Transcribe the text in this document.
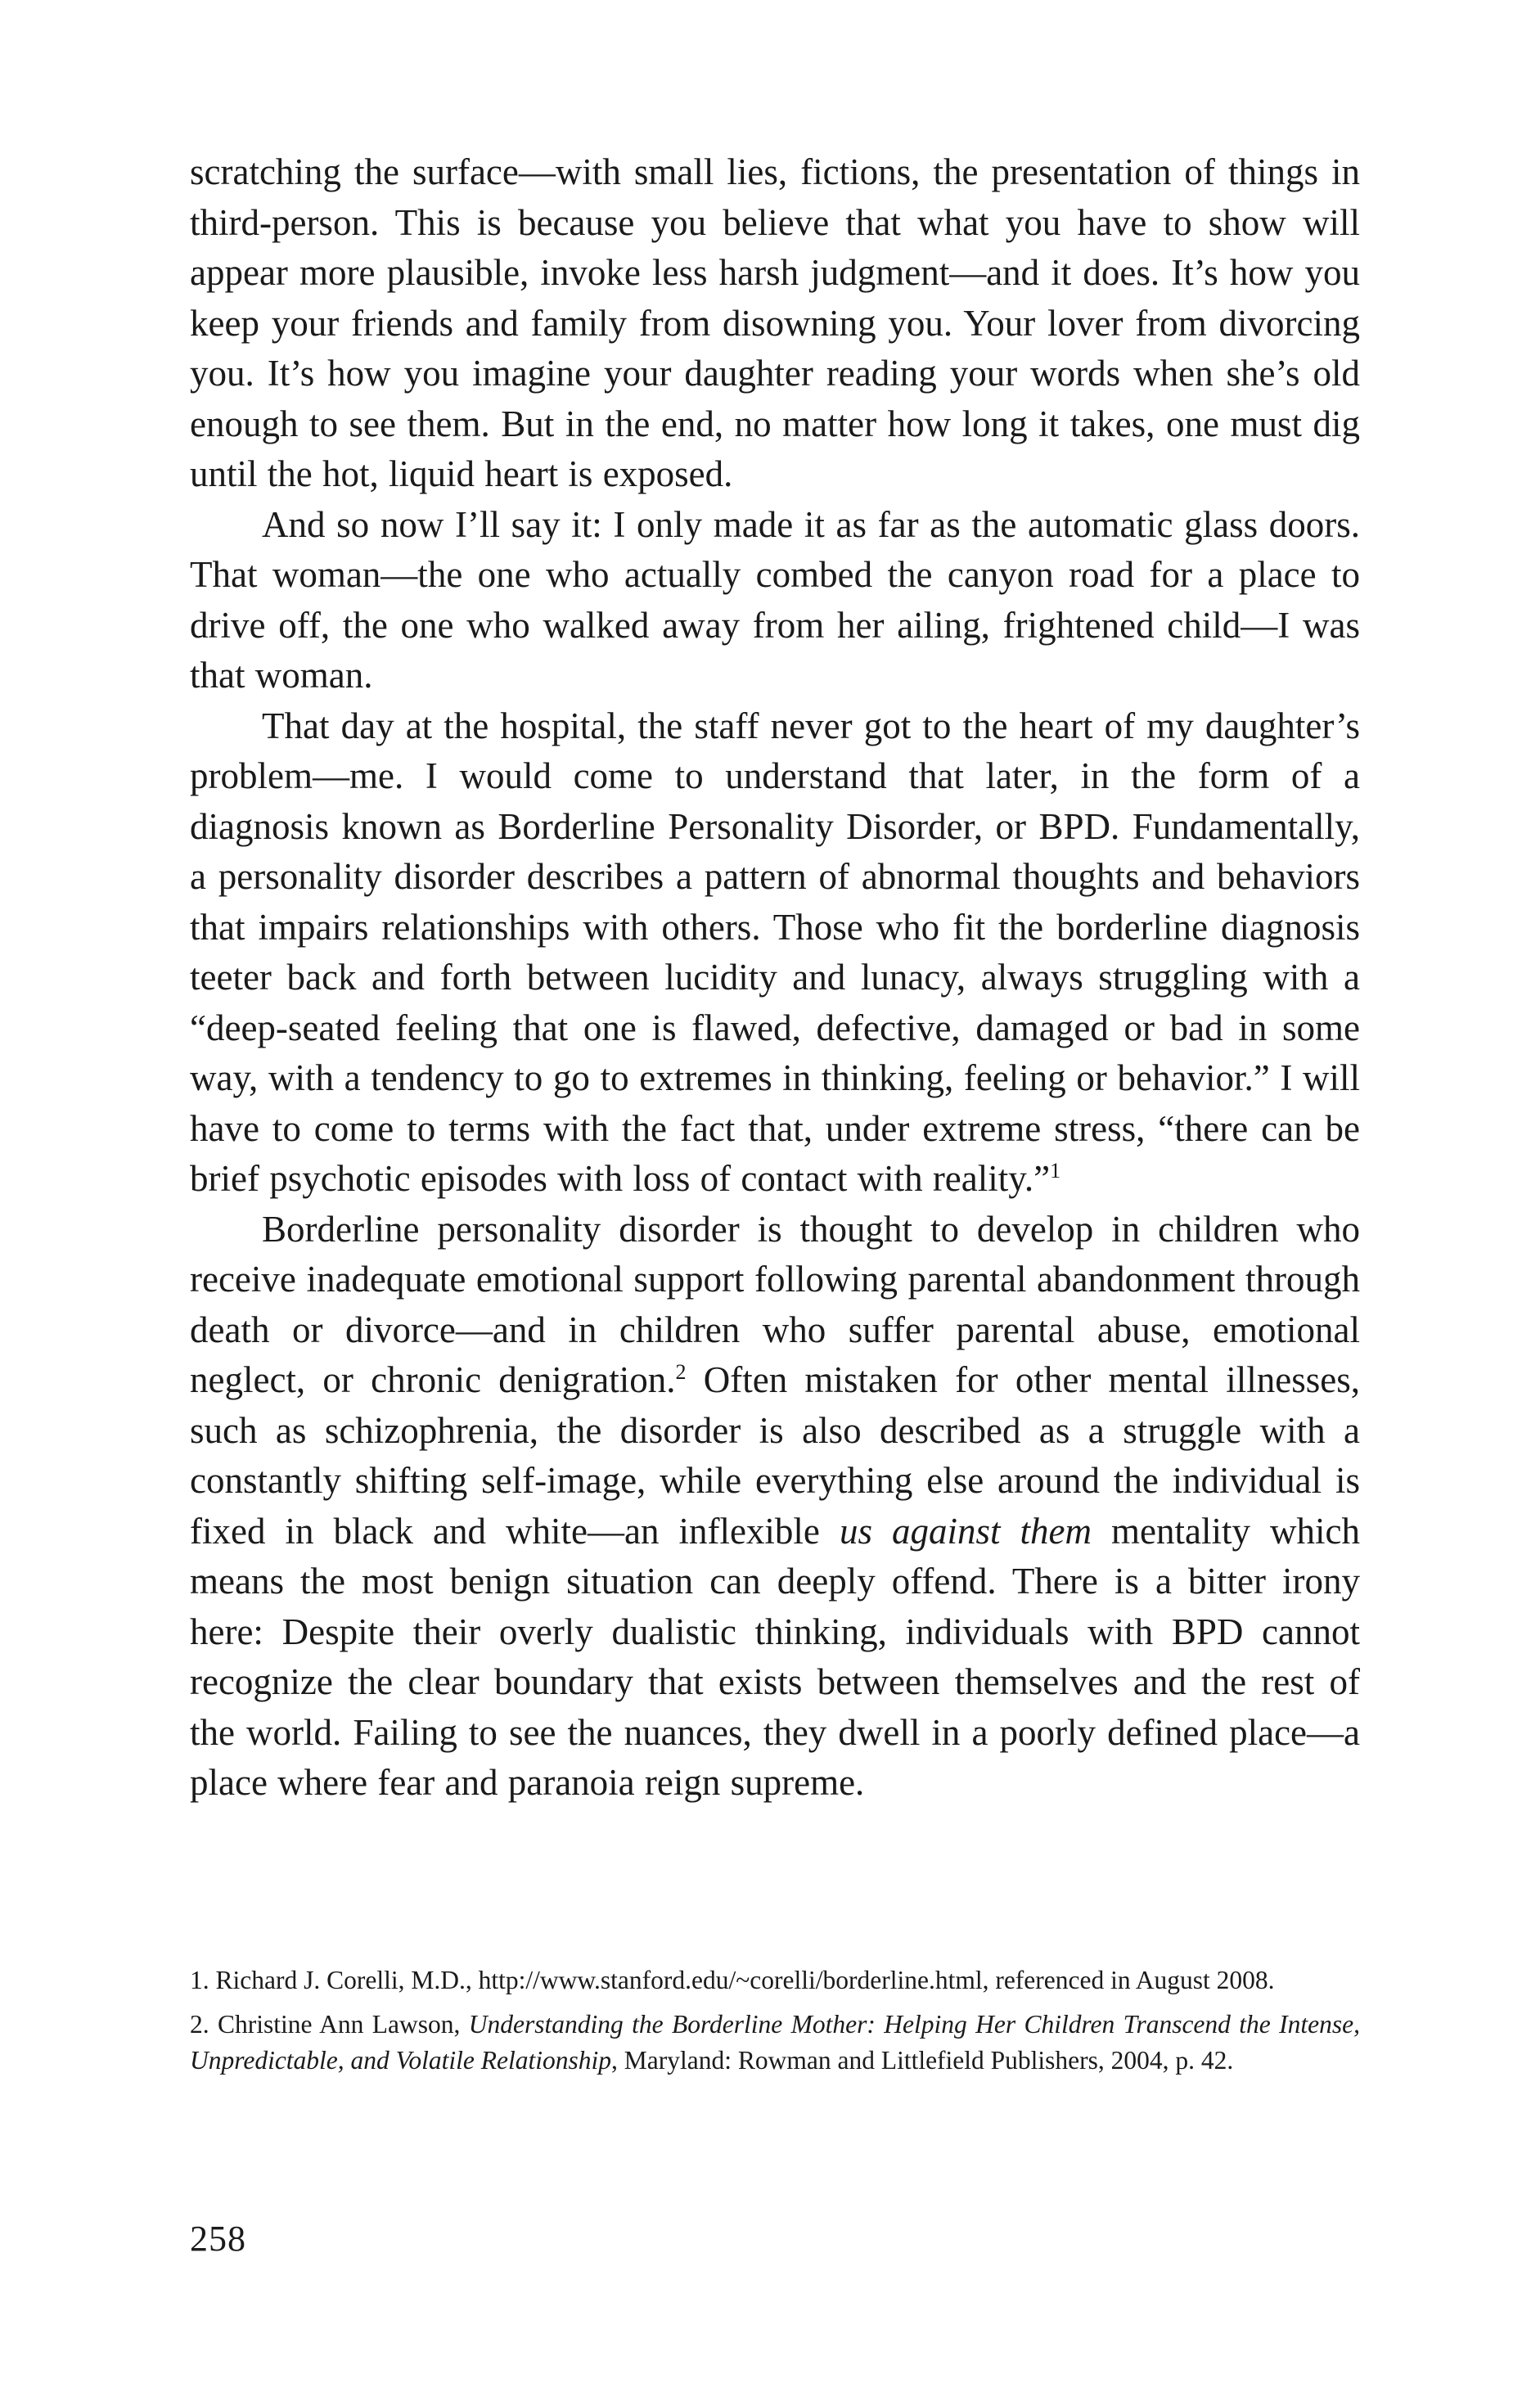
scratching the surface—with small lies, fictions, the presentation of things in third-person. This is because you believe that what you have to show will appear more plausible, invoke less harsh judgment—and it does. It’s how you keep your friends and family from disowning you. Your lover from divorcing you. It’s how you imagine your daughter reading your words when she’s old enough to see them. But in the end, no matter how long it takes, one must dig until the hot, liquid heart is exposed.

And so now I’ll say it: I only made it as far as the automatic glass doors. That woman—the one who actually combed the canyon road for a place to drive off, the one who walked away from her ailing, frightened child—I was that woman.

That day at the hospital, the staff never got to the heart of my daughter’s problem—me. I would come to understand that later, in the form of a diagnosis known as Borderline Personality Disorder, or BPD. Fundamentally, a personality disorder describes a pattern of abnormal thoughts and behaviors that impairs relationships with others. Those who fit the borderline diagnosis teeter back and forth between lucidity and lunacy, always struggling with a “deep-seated feeling that one is flawed, defective, damaged or bad in some way, with a tendency to go to extremes in thinking, feeling or behavior.” I will have to come to terms with the fact that, under extreme stress, “there can be brief psychotic episodes with loss of contact with reality.”$^1$

Borderline personality disorder is thought to develop in children who receive inadequate emotional support following parental abandonment through death or divorce—and in children who suffer parental abuse, emotional neglect, or chronic denigration.$^2$ Often mistaken for other mental illnesses, such as schizophrenia, the disorder is also described as a struggle with a constantly shifting self-image, while everything else around the individual is fixed in black and white—an inflexible us against them mentality which means the most benign situation can deeply offend. There is a bitter irony here: Despite their overly dualistic thinking, individuals with BPD cannot recognize the clear boundary that exists between themselves and the rest of the world. Failing to see the nuances, they dwell in a poorly defined place—a place where fear and paranoia reign supreme.

1. Richard J. Corelli, M.D., http://www.stanford.edu/~corelli/borderline.html, referenced in August 2008.

2. Christine Ann Lawson, Understanding the Borderline Mother: Helping Her Children Transcend the Intense, Unpredictable, and Volatile Relationship, Maryland: Rowman and Littlefield Publishers, 2004, p. 42.

258
